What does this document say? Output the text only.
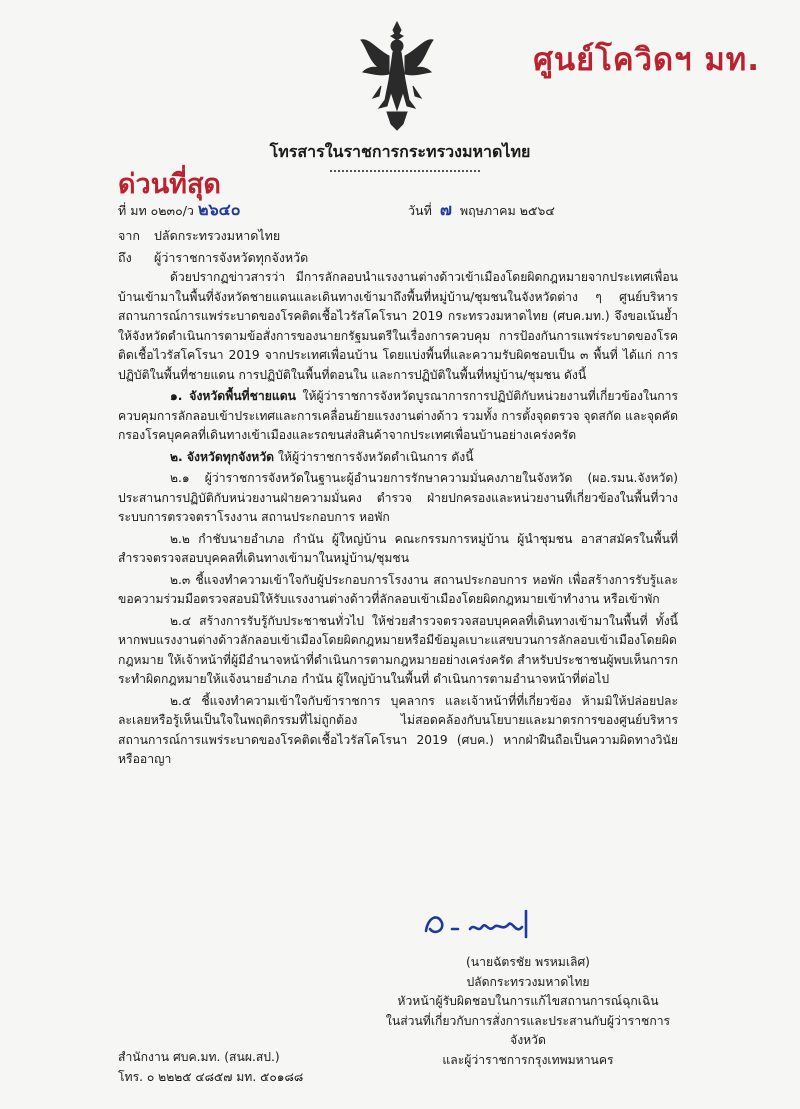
ศูนย์โควิดฯ มท.
โทรสารในราชการกระทรวงมหาดไทย
ด่วนที่สุด
ที่ มท ๐๒๓๐/ว ๒๖๔๐	วันที่ ๗ พฤษภาคม ๒๕๖๔
จาก ปลัดกระทรวงมหาดไทย
ถึง ผู้ว่าราชการจังหวัดทุกจังหวัด

ด้วยปรากฏข่าวสารว่า มีการลักลอบนำแรงงานต่างด้าวเข้าเมืองโดยผิดกฎหมายจากประเทศเพื่อนบ้านเข้ามาในพื้นที่จังหวัดชายแดนและเดินทางเข้ามาถึงพื้นที่หมู่บ้าน/ชุมชนในจังหวัดต่าง ๆ ศูนย์บริหารสถานการณ์การแพร่ระบาดของโรคติดเชื้อไวรัสโคโรนา 2019 กระทรวงมหาดไทย (ศบค.มท.) จึงขอเน้นย้ำให้จังหวัดดำเนินการตามข้อสั่งการของนายกรัฐมนตรีในเรื่องการควบคุม การป้องกันการแพร่ระบาดของโรคติดเชื้อไวรัสโคโรนา 2019 จากประเทศเพื่อนบ้าน โดยแบ่งพื้นที่และความรับผิดชอบเป็น ๓ พื้นที่ ได้แก่ การปฏิบัติในพื้นที่ชายแดน การปฏิบัติในพื้นที่ตอนใน และการปฏิบัติในพื้นที่หมู่บ้าน/ชุมชน ดังนี้

๑. จังหวัดพื้นที่ชายแดน ให้ผู้ว่าราชการจังหวัดบูรณาการการปฏิบัติกับหน่วยงานที่เกี่ยวข้องในการควบคุมการลักลอบเข้าประเทศและการเคลื่อนย้ายแรงงานต่างด้าว รวมทั้ง การตั้งจุดตรวจ จุดสกัด และจุดคัดกรองโรคบุคคลที่เดินทางเข้าเมืองและรถขนส่งสินค้าจากประเทศเพื่อนบ้านอย่างเคร่งครัด

๒. จังหวัดทุกจังหวัด ให้ผู้ว่าราชการจังหวัดดำเนินการ ดังนี้

๒.๑ ผู้ว่าราชการจังหวัดในฐานะผู้อำนวยการรักษาความมั่นคงภายในจังหวัด (ผอ.รมน.จังหวัด) ประสานการปฏิบัติกับหน่วยงานฝ่ายความมั่นคง ตำรวจ ฝ่ายปกครองและหน่วยงานที่เกี่ยวข้องในพื้นที่วางระบบการตรวจตราโรงงาน สถานประกอบการ หอพัก

๒.๒ กำชับนายอำเภอ กำนัน ผู้ใหญ่บ้าน คณะกรรมการหมู่บ้าน ผู้นำชุมชน อาสาสมัครในพื้นที่สำรวจตรวจสอบบุคคลที่เดินทางเข้ามาในหมู่บ้าน/ชุมชน

๒.๓ ชี้แจงทำความเข้าใจกับผู้ประกอบการโรงงาน สถานประกอบการ หอพัก เพื่อสร้างการรับรู้และขอความร่วมมือตรวจสอบมิให้รับแรงงานต่างด้าวที่ลักลอบเข้าเมืองโดยผิดกฎหมายเข้าทำงาน หรือเข้าพัก

๒.๔ สร้างการรับรู้กับประชาชนทั่วไป ให้ช่วยสำรวจตรวจสอบบุคคลที่เดินทางเข้ามาในพื้นที่ ทั้งนี้ หากพบแรงงานต่างด้าวลักลอบเข้าเมืองโดยผิดกฎหมายหรือมีข้อมูลเบาะแสขบวนการลักลอบเข้าเมืองโดยผิดกฎหมาย ให้เจ้าหน้าที่ผู้มีอำนาจหน้าที่ดำเนินการตามกฎหมายอย่างเคร่งครัด สำหรับประชาชนผู้พบเห็นการกระทำผิดกฎหมายให้แจ้งนายอำเภอ กำนัน ผู้ใหญ่บ้านในพื้นที่ ดำเนินการตามอำนาจหน้าที่ต่อไป

๒.๕ ชี้แจงทำความเข้าใจกับข้าราชการ บุคลากร และเจ้าหน้าที่ที่เกี่ยวข้อง ห้ามมิให้ปล่อยปละละเลยหรือรู้เห็นเป็นใจในพฤติกรรมที่ไม่ถูกต้อง ไม่สอดคล้องกับนโยบายและมาตรการของศูนย์บริหารสถานการณ์การแพร่ระบาดของโรคติดเชื้อไวรัสโคโรนา 2019 (ศบค.) หากฝ่าฝืนถือเป็นความผิดทางวินัยหรืออาญา

(นายฉัตรชัย พรหมเลิศ)
ปลัดกระทรวงมหาดไทย
หัวหน้าผู้รับผิดชอบในการแก้ไขสถานการณ์ฉุกเฉิน
ในส่วนที่เกี่ยวกับการสั่งการและประสานกับผู้ว่าราชการจังหวัด
และผู้ว่าราชการกรุงเทพมหานคร
สำนักงาน ศบค.มท. (สนผ.สป.)
โทร. ๐ ๒๒๒๕ ๔๘๕๗ มท. ๕๐๑๘๘
